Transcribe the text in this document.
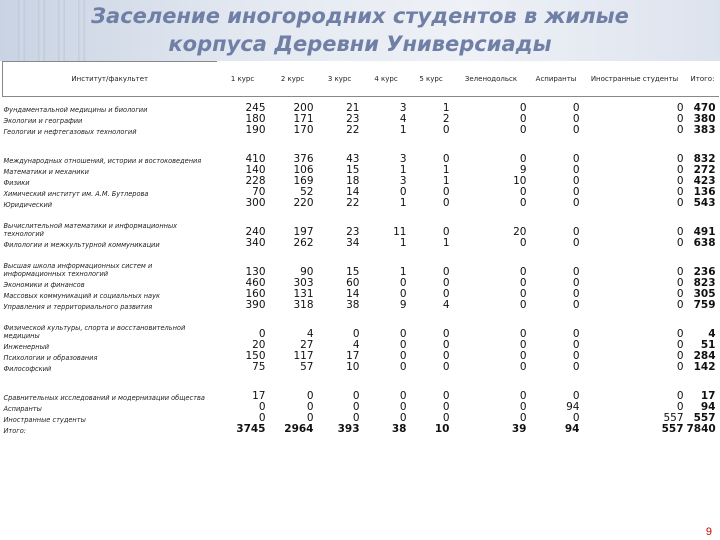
Заселение иногородних студентов в жилые корпуса Деревни Универсиады
Институт/факультет	1 курс	2 курс	3 курс	4 курс	5 курс	Зеленодольск	Аспиранты	Иностранные студенты	Итого:
Фундаментальной медицины и биологии	245	200	21	3	1	0	0	0	470
Экологии и географии	180	171	23	4	2	0	0	0	380
Геологии и нефтегазовых технологий	190	170	22	1	0	0	0	0	383
Международных отношений, истории и востоковедения	410	376	43	3	0	0	0	0	832
Математики и механики	140	106	15	1	1	9	0	0	272
Физики	228	169	18	3	1	10	0	0	423
Химический институт им. А.М. Бутлерова	70	52	14	0	0	0	0	0	136
Юридический	300	220	22	1	0	0	0	0	543
Вычислительной математики и информационных технологий	240	197	23	11	0	20	0	0	491
Филологии и межкультурной коммуникации	340	262	34	1	1	0	0	0	638
Высшая школа информационных систем и информационных технологий	130	90	15	1	0	0	0	0	236
Экономики и финансов	460	303	60	0	0	0	0	0	823
Массовых коммуникаций и социальных наук	160	131	14	0	0	0	0	0	305
Управления и территориального развития	390	318	38	9	4	0	0	0	759
Физической культуры, спорта и восстановительной медицины	0	4	0	0	0	0	0	0	4
Инженерный	20	27	4	0	0	0	0	0	51
Психологии и образования	150	117	17	0	0	0	0	0	284
Философский	75	57	10	0	0	0	0	0	142
Сравнительных исследований и модернизации общества	17	0	0	0	0	0	0	0	17
Аспиранты	0	0	0	0	0	0	94	0	94
Иностранные студенты	0	0	0	0	0	0	0	557	557
Итого:	3745	2964	393	38	10	39	94	557	7840
9
